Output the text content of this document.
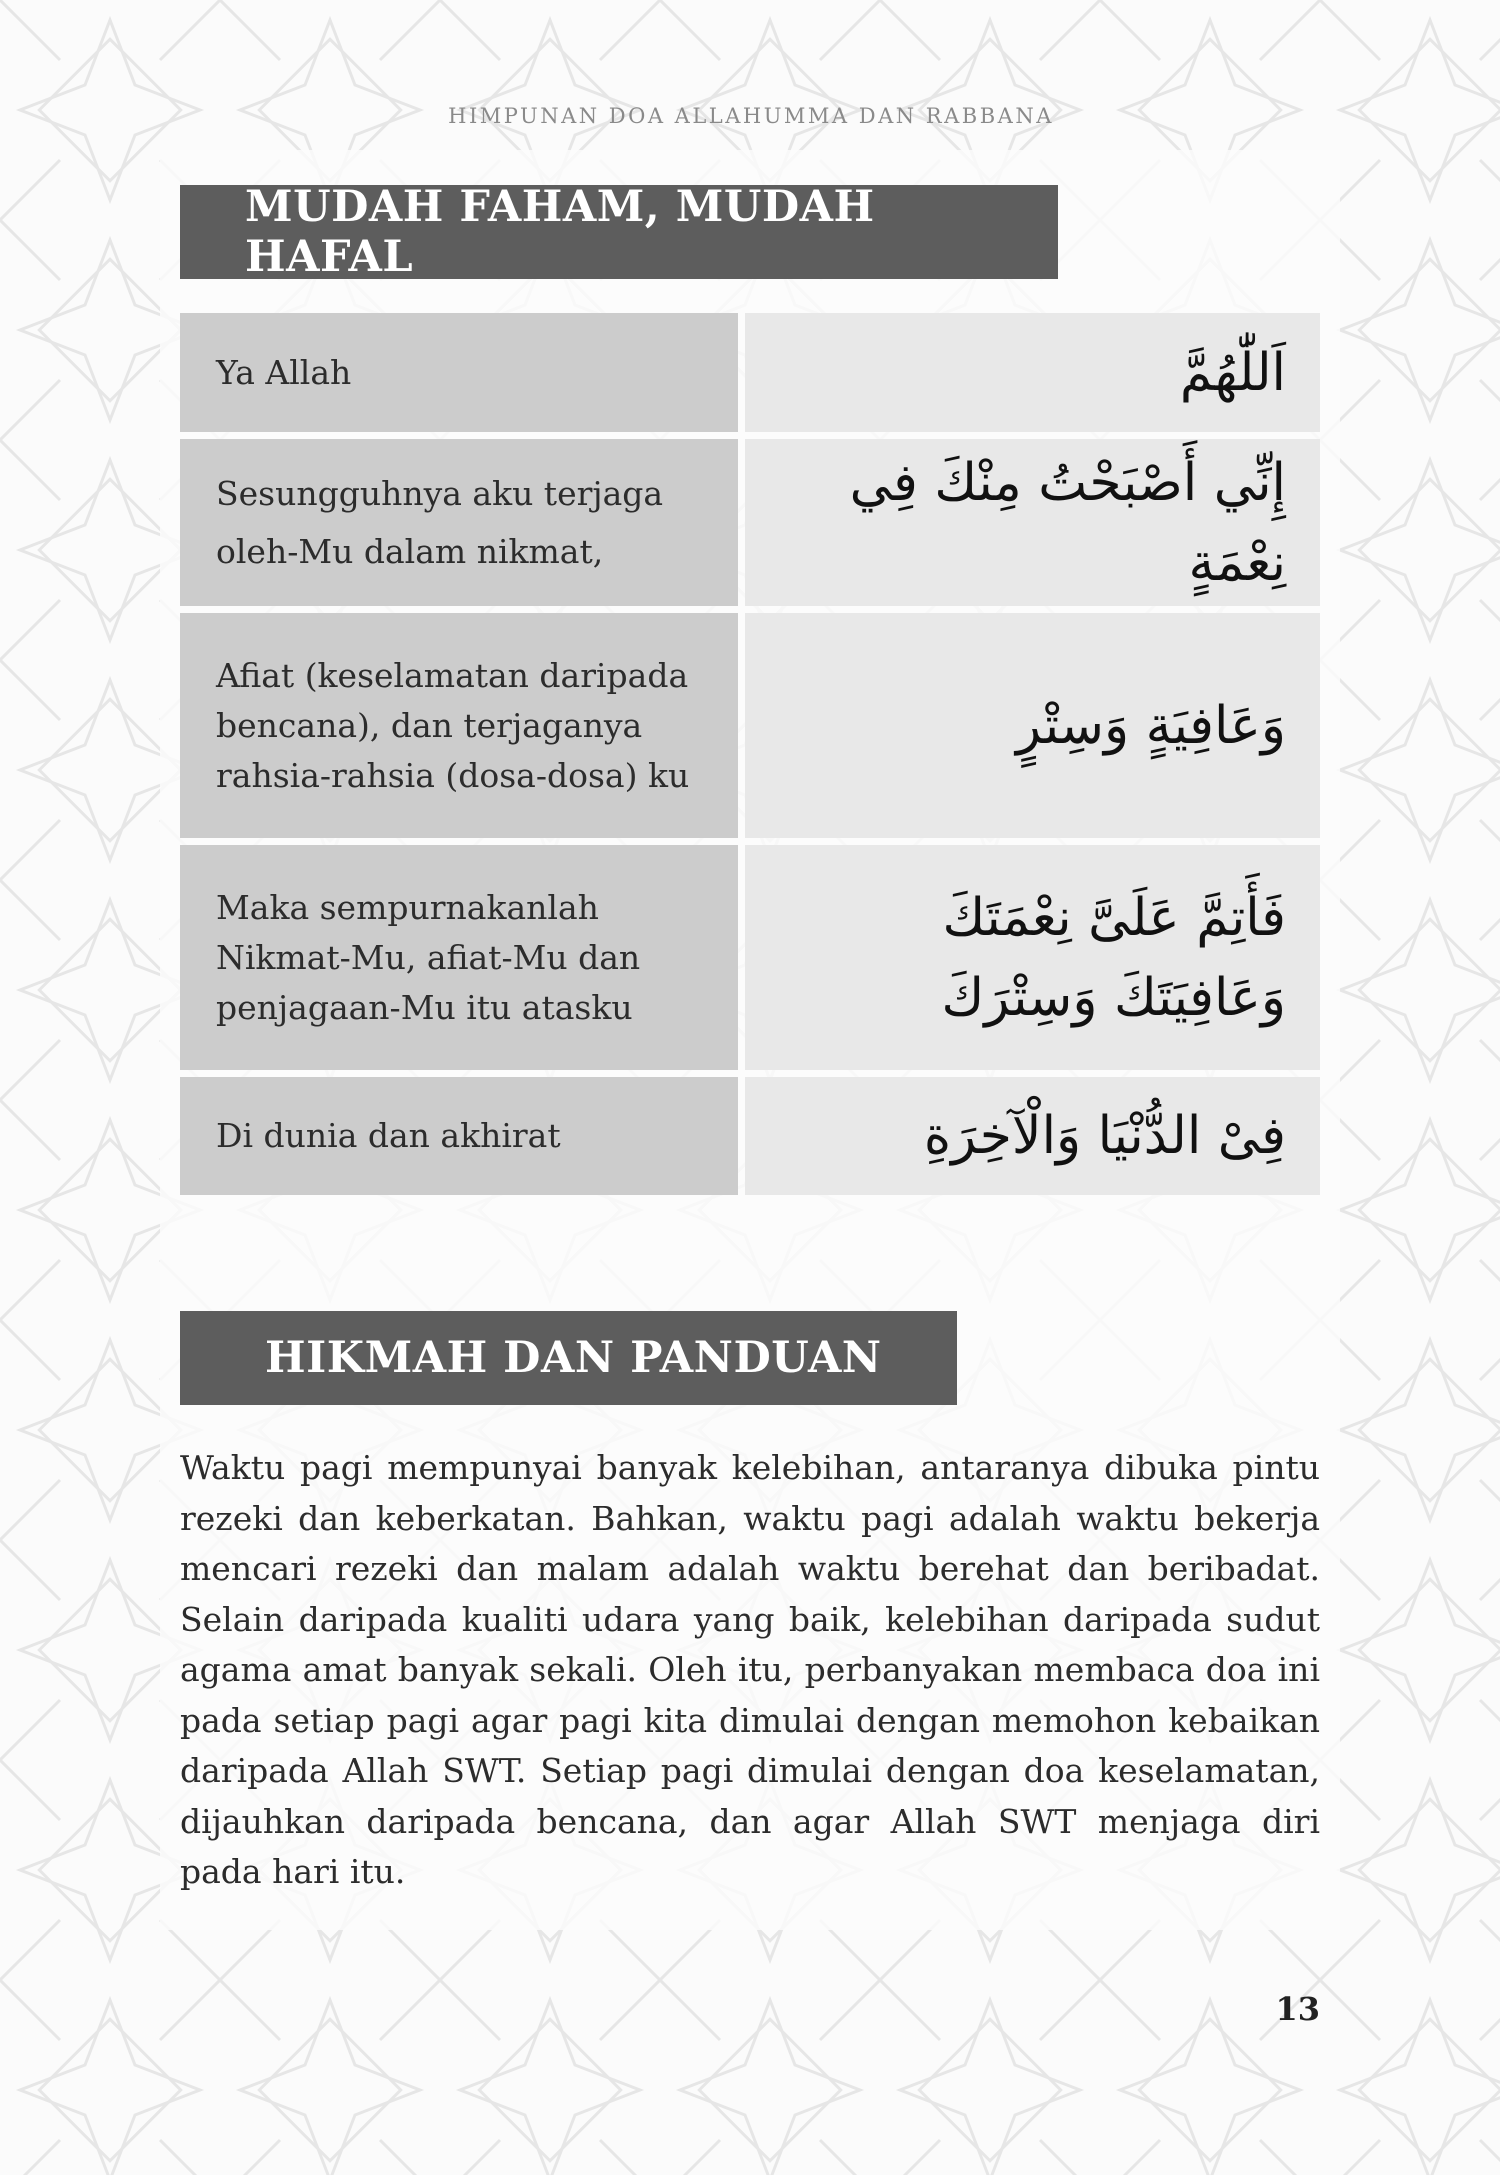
HIMPUNAN DOA ALLAHUMMA DAN RABBANA
MUDAH FAHAM, MUDAH HAFAL
Ya Allah	اَللّٰهُمَّ
Sesungguhnya aku terjaga oleh-Mu dalam nikmat,
إِنِّي أَصْبَحْتُ مِنْكَ فِي نِعْمَةٍ
Afiat (keselamatan daripada bencana), dan terjaganya rahsia-rahsia (dosa-dosa) ku
وَعَافِيَةٍ وَسِتْرٍ
Maka sempurnakanlah Nikmat-Mu, afiat-Mu dan penjagaan-Mu itu atasku
فَأَتِمَّ عَلَىَّ نِعْمَتَكَ وَعَافِيَتَكَ وَسِتْرَكَ
Di dunia dan akhirat	فِىْ الدُّنْيَا وَالْآخِرَةِ
HIKMAH DAN PANDUAN
Waktu pagi mempunyai banyak kelebihan, antaranya dibuka pintu rezeki dan keberkatan. Bahkan, waktu pagi adalah waktu bekerja mencari rezeki dan malam adalah waktu berehat dan beribadat. Selain daripada kualiti udara yang baik, kelebihan daripada sudut agama amat banyak sekali. Oleh itu, perbanyakan membaca doa ini pada setiap pagi agar pagi kita dimulai dengan memohon kebaikan daripada Allah SWT. Setiap pagi dimulai dengan doa keselamatan, dijauhkan daripada bencana, dan agar Allah SWT menjaga diri pada hari itu.
13
